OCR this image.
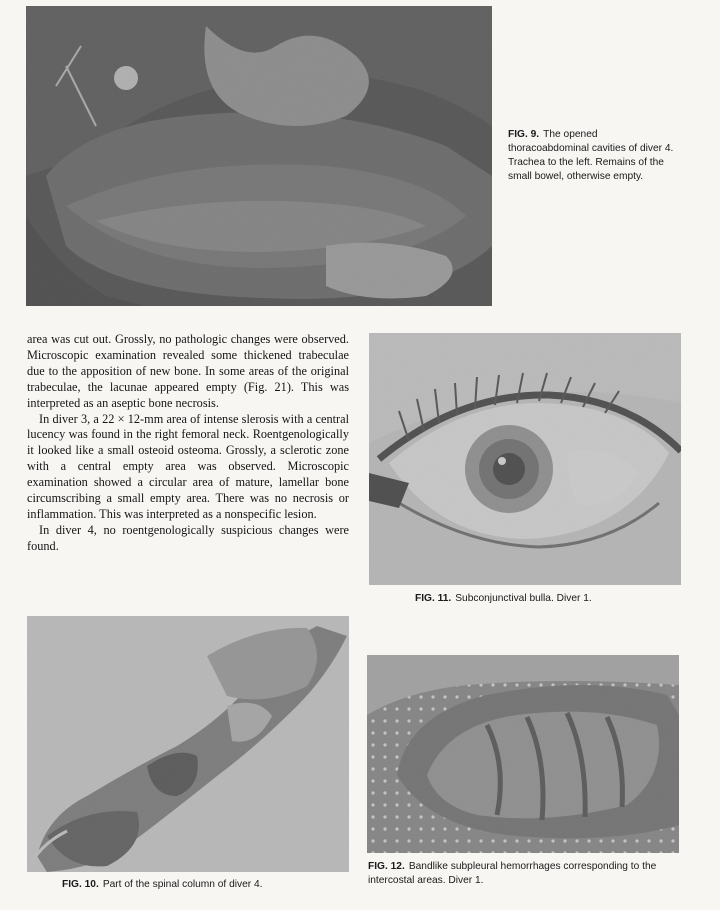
FIG. 9. The opened thoracoabdominal cavities of diver 4. Trachea to the left. Remains of the small bowel, otherwise empty.

area was cut out. Grossly, no pathologic changes were observed. Microscopic examination revealed some thickened trabeculae due to the apposition of new bone. In some areas of the original trabeculae, the lacunae appeared empty (Fig. 21). This was interpreted as an aseptic bone necrosis.

In diver 3, a 22 × 12-mm area of intense slerosis with a central lucency was found in the right femoral neck. Roentgenologically it looked like a small osteoid osteoma. Grossly, a sclerotic zone with a central empty area was observed. Microscopic examination showed a circular area of mature, lamellar bone circumscribing a small empty area. There was no necrosis or inflammation. This was interpreted as a nonspecific lesion.

In diver 4, no roentgenologically suspicious changes were found.

FIG. 11. Subconjunctival bulla. Diver 1.

FIG. 10. Part of the spinal column of diver 4.

FIG. 12. Bandlike subpleural hemorrhages corresponding to the intercostal areas. Diver 1.
